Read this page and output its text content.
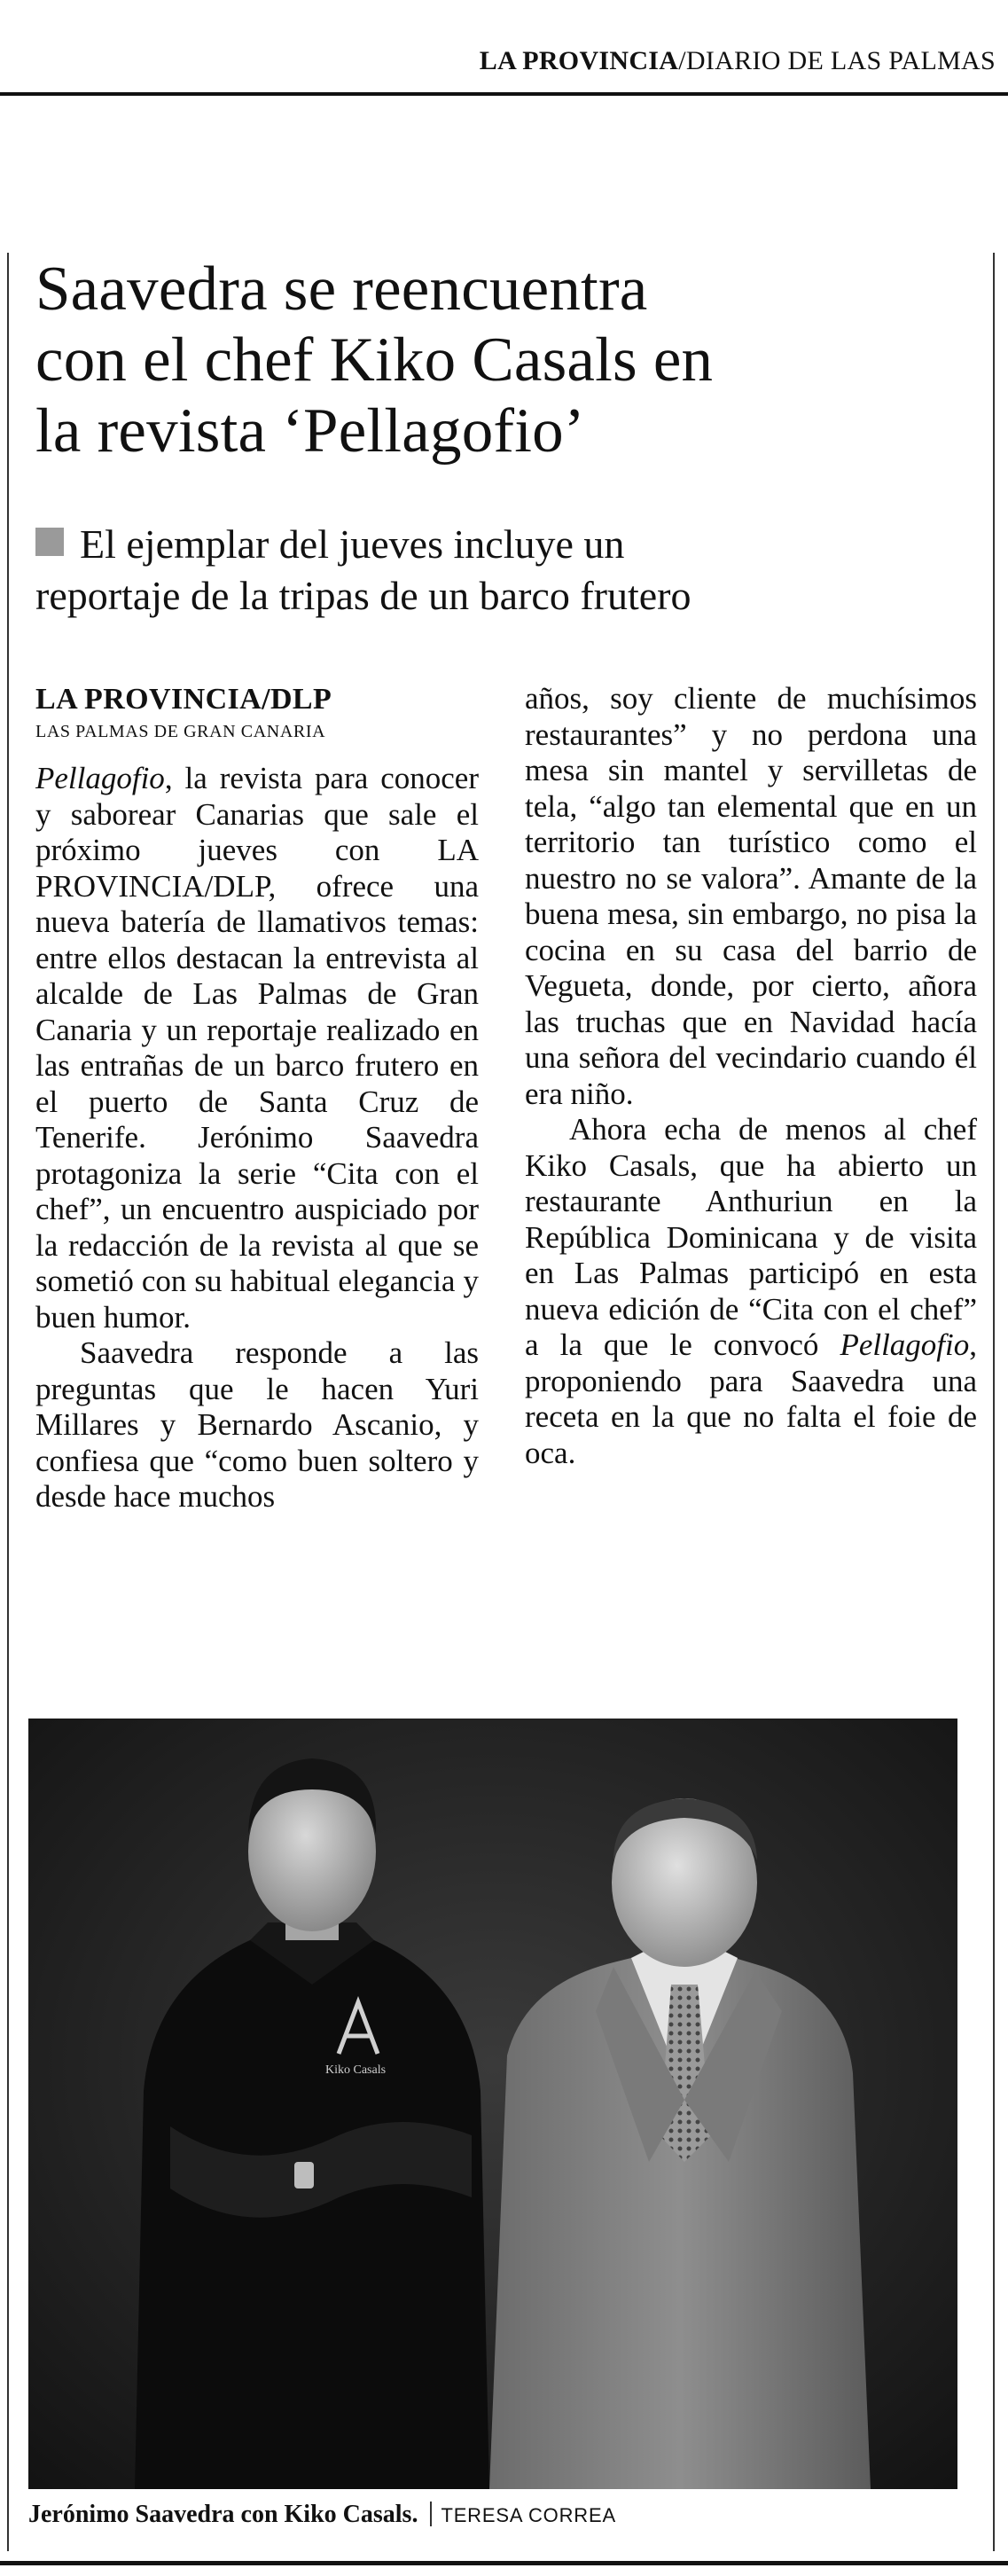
LA PROVINCIA/DIARIO DE LAS PALMAS
Saavedra se reencuentra
con el chef Kiko Casals en
la revista ‘Pellagofio’
El ejemplar del jueves incluye un
reportaje de la tripas de un barco frutero
LA PROVINCIA/DLP
LAS PALMAS DE GRAN CANARIA

Pellagofio, la revista para conocer y saborear Canarias que sale el próximo jueves con LA PROVINCIA/DLP, ofrece una nueva batería de llamativos temas: entre ellos destacan la entrevista al alcalde de Las Palmas de Gran Canaria y un reportaje realizado en las entrañas de un barco frutero en el puerto de Santa Cruz de Tenerife. Jerónimo Saavedra protagoniza la serie “Cita con el chef”, un encuentro auspiciado por la redacción de la revista al que se sometió con su habitual elegancia y buen humor.

Saavedra responde a las preguntas que le hacen Yuri Millares y Bernardo Ascanio, y confiesa que “como buen soltero y desde hace muchos

años, soy cliente de muchísimos restaurantes” y no perdona una mesa sin mantel y servilletas de tela, “algo tan elemental que en un territorio tan turístico como el nuestro no se valora”. Amante de la buena mesa, sin embargo, no pisa la cocina en su casa del barrio de Vegueta, donde, por cierto, añora las truchas que en Navidad hacía una señora del vecindario cuando él era niño.

Ahora echa de menos al chef Kiko Casals, que ha abierto un restaurante Anthuriun en la República Dominicana y de visita en Las Palmas participó en esta nueva edición de “Cita con el chef” a la que le convocó Pellagofio, proponiendo para Saavedra una receta en la que no falta el foie de oca.

Kiko Casals
Jerónimo Saavedra con Kiko Casals. TERESA CORREA
